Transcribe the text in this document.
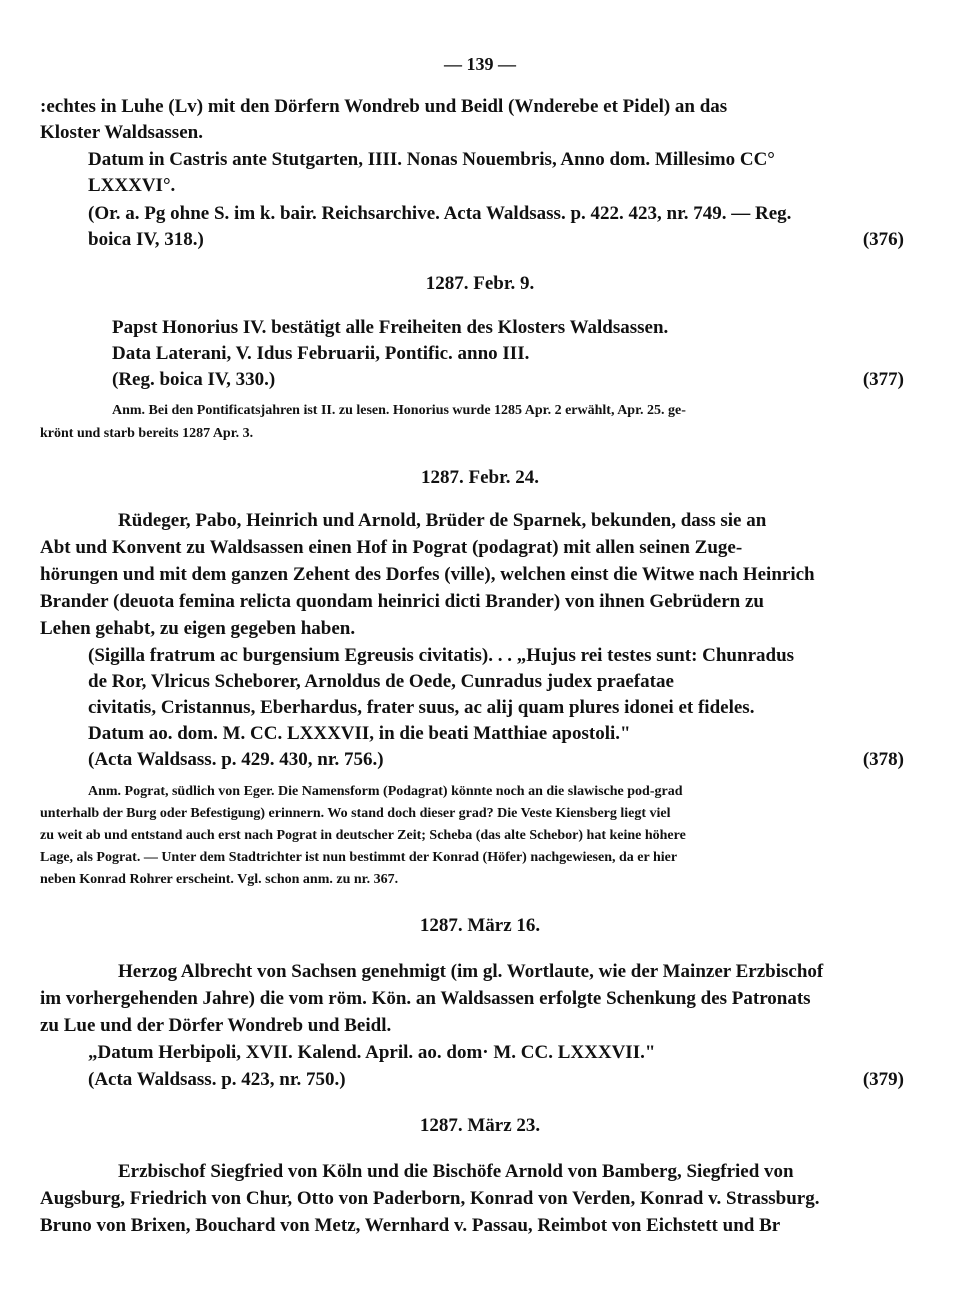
— 139 —
:echtes in Luhe (Lv) mit den Dörfern Wondreb und Beidl (Wnderebe et Pidel) an das
Kloster Waldsassen.
Datum in Castris ante Stutgarten, IIII. Nonas Nouembris, Anno dom. Millesimo CC°
LXXXVI°.
(Or. a. Pg ohne S. im k. bair. Reichsarchive. Acta Waldsass. p. 422. 423, nr. 749. — Reg.
boica IV, 318.)	(376)
1287. Febr. 9.
Papst Honorius IV. bestätigt alle Freiheiten des Klosters Waldsassen.
Data Laterani, V. Idus Februarii, Pontific. anno III.
(Reg. boica IV, 330.)	(377)
Anm. Bei den Pontificatsjahren ist II. zu lesen. Honorius wurde 1285 Apr. 2 erwählt, Apr. 25. ge-
krönt und starb bereits 1287 Apr. 3.
1287. Febr. 24.
Rüdeger, Pabo, Heinrich und Arnold, Brüder de Sparnek, bekunden, dass sie an
Abt und Konvent zu Waldsassen einen Hof in Pograt (podagrat) mit allen seinen Zuge-
hörungen und mit dem ganzen Zehent des Dorfes (ville), welchen einst die Witwe nach Heinrich
Brander (deuota femina relicta quondam heinrici dicti Brander) von ihnen Gebrüdern zu
Lehen gehabt, zu eigen gegeben haben.
(Sigilla fratrum ac burgensium Egreusis civitatis). . . „Hujus rei testes sunt: Chunradus
de Ror, Vlricus Scheborer, Arnoldus de Oede, Cunradus judex praefatae
civitatis, Cristannus, Eberhardus, frater suus, ac alij quam plures idonei et fideles.
Datum ao. dom. M. CC. LXXXVII, in die beati Matthiae apostoli."
(Acta Waldsass. p. 429. 430, nr. 756.)	(378)
Anm. Pograt, südlich von Eger. Die Namensform (Podagrat) könnte noch an die slawische pod-grad
unterhalb der Burg oder Befestigung) erinnern. Wo stand doch dieser grad? Die Veste Kiensberg liegt viel
zu weit ab und entstand auch erst nach Pograt in deutscher Zeit; Scheba (das alte Schebor) hat keine höhere
Lage, als Pograt. — Unter dem Stadtrichter ist nun bestimmt der Konrad (Höfer) nachgewiesen, da er hier
neben Konrad Rohrer erscheint. Vgl. schon anm. zu nr. 367.
1287. März 16.
Herzog Albrecht von Sachsen genehmigt (im gl. Wortlaute, wie der Mainzer Erzbischof
im vorhergehenden Jahre) die vom röm. Kön. an Waldsassen erfolgte Schenkung des Patronats
zu Lue und der Dörfer Wondreb und Beidl.
„Datum Herbipoli, XVII. Kalend. April. ao. dom· M. CC. LXXXVII."
(Acta Waldsass. p. 423, nr. 750.)	(379)
1287. März 23.
Erzbischof Siegfried von Köln und die Bischöfe Arnold von Bamberg, Siegfried von
Augsburg, Friedrich von Chur, Otto von Paderborn, Konrad von Verden, Konrad v. Strassburg.
Bruno von Brixen, Bouchard von Metz, Wernhard v. Passau, Reimbot von Eichstett und Br
